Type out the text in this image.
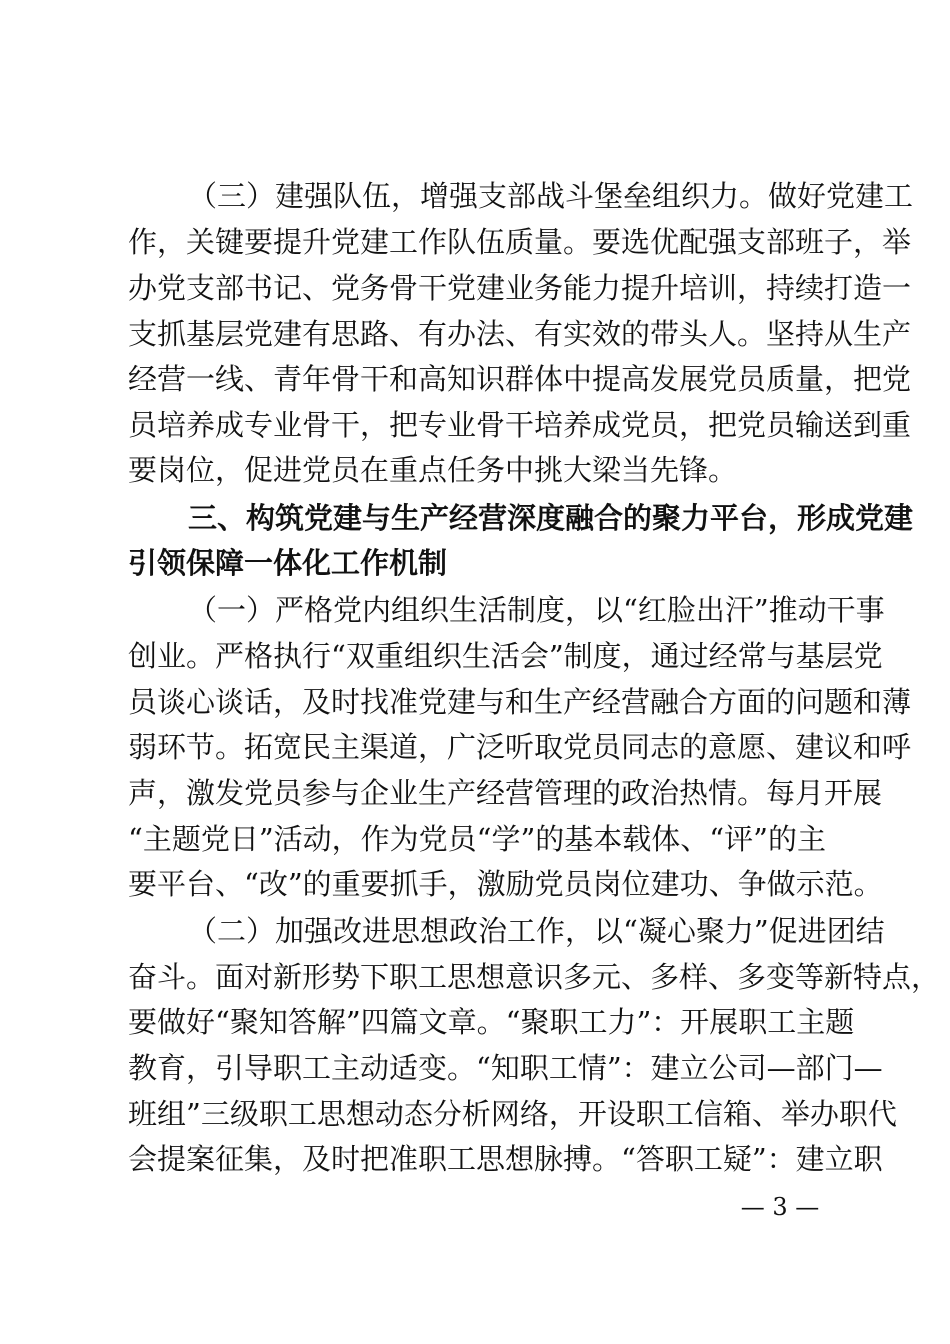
（三）建强队伍，增强支部战斗堡垒组织力。做好党建工
作，关键要提升党建工作队伍质量。要选优配强支部班子，举
办党支部书记、党务骨干党建业务能力提升培训，持续打造一
支抓基层党建有思路、有办法、有实效的带头人。坚持从生产
经营一线、青年骨干和高知识群体中提高发展党员质量，把党
员培养成专业骨干，把专业骨干培养成党员，把党员输送到重
要岗位，促进党员在重点任务中挑大梁当先锋。
三、构筑党建与生产经营深度融合的聚力平台，形成党建
引领保障一体化工作机制
（一）严格党内组织生活制度，以“红脸出汗”推动干事
创业。严格执行“双重组织生活会”制度，通过经常与基层党
员谈心谈话，及时找准党建与和生产经营融合方面的问题和薄
弱环节。拓宽民主渠道，广泛听取党员同志的意愿、建议和呼
声，激发党员参与企业生产经营管理的政治热情。每月开展
“主题党日”活动，作为党员“学”的基本载体、“评”的主
要平台、“改”的重要抓手，激励党员岗位建功、争做示范。
（二）加强改进思想政治工作，以“凝心聚力”促进团结
奋斗。面对新形势下职工思想意识多元、多样、多变等新特点，
要做好“聚知答解”四篇文章。“聚职工力”：开展职工主题
教育，引导职工主动适变。“知职工情”：建立公司—部门—
班组”三级职工思想动态分析网络，开设职工信箱、举办职代
会提案征集，及时把准职工思想脉搏。“答职工疑”：建立职
— 3 —
